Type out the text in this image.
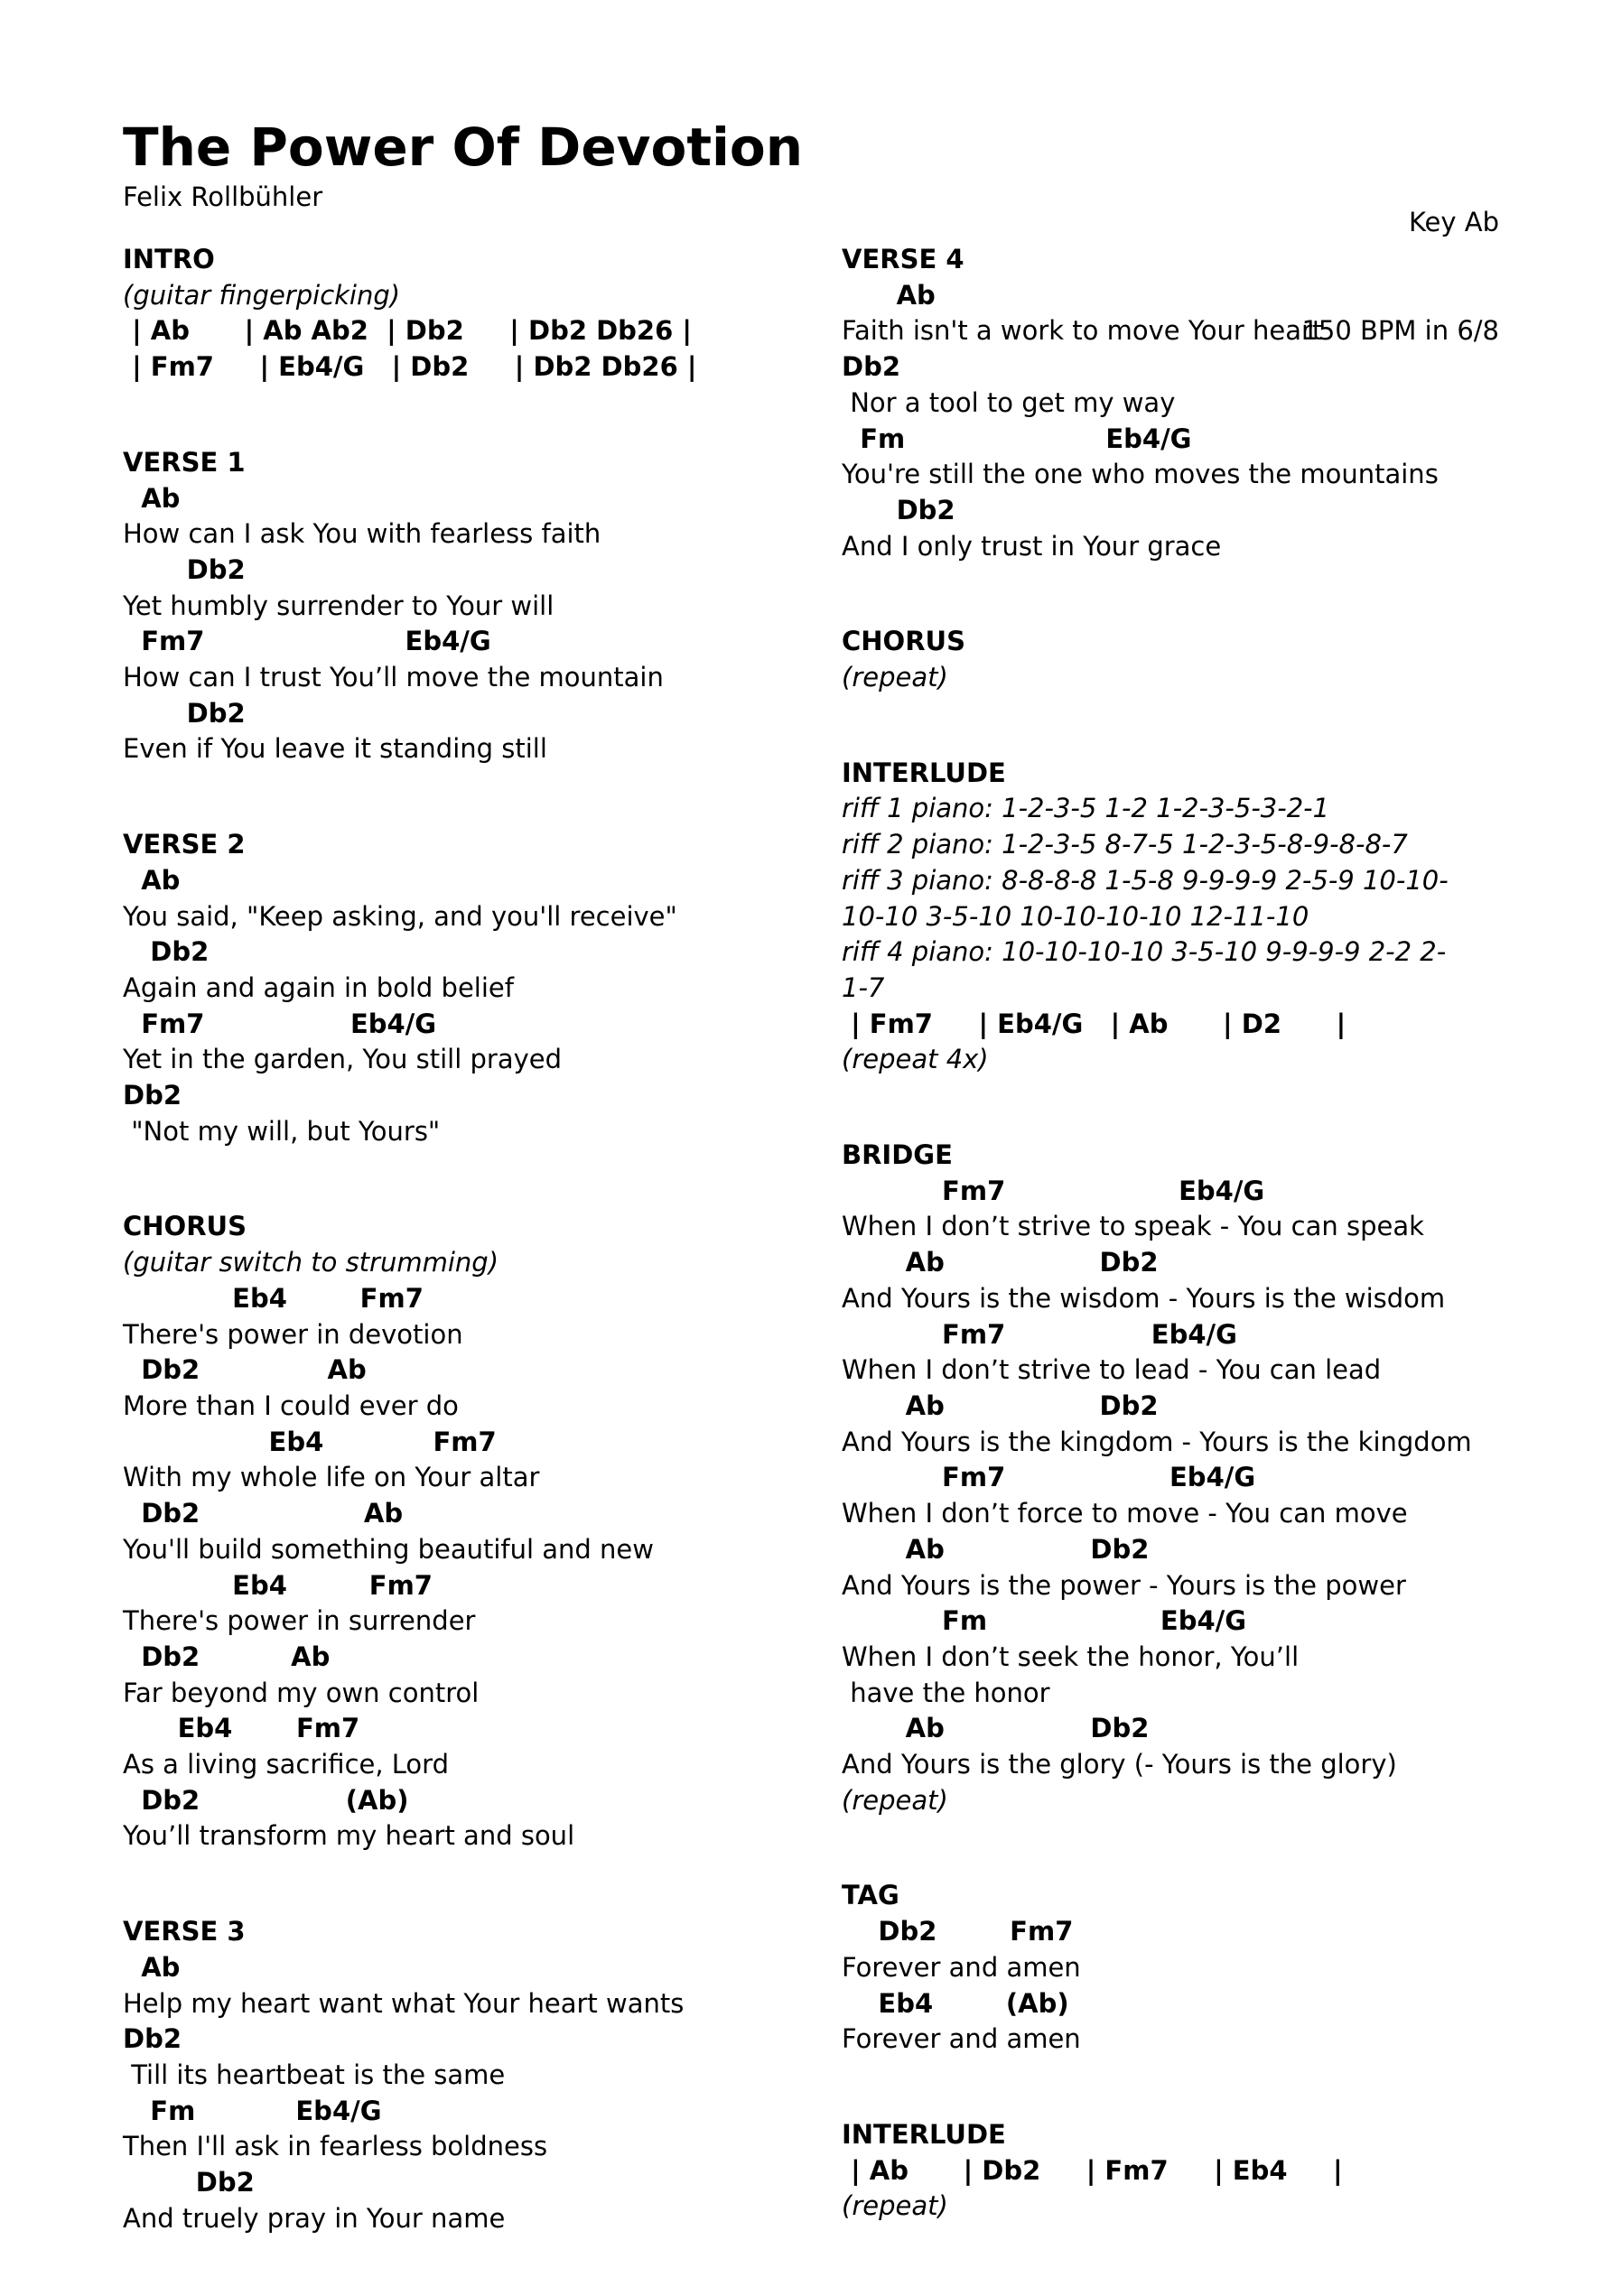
The Power Of Devotion
Felix Rollbühler

Key Ab

150 BPM in 6/8

INTRO
(guitar fingerpicking)
| Ab      | Ab Ab2  | Db2     | Db2 Db26 |
| Fm7     | Eb4/G   | Db2     | Db2 Db26 |
VERSE 1
Ab
How can I ask You with fearless faith
Db2
Yet humbly surrender to Your will
Fm7                      Eb4/G
How can I trust You’ll move the mountain
Db2
Even if You leave it standing still
VERSE 2
Ab
You said, "Keep asking, and you'll receive"
Db2
Again and again in bold belief
Fm7                Eb4/G
Yet in the garden, You still prayed
Db2
"Not my will, but Yours"
CHORUS
(guitar switch to strumming)
Eb4        Fm7
There's power in devotion
Db2              Ab
More than I could ever do
Eb4            Fm7
With my whole life on Your altar
Db2                  Ab
You'll build something beautiful and new
Eb4         Fm7
There's power in surrender
Db2          Ab
Far beyond my own control
Eb4       Fm7
As a living sacrifice, Lord
Db2                (Ab)
You’ll transform my heart and soul
VERSE 3
Ab
Help my heart want what Your heart wants
Db2
Till its heartbeat is the same
Fm           Eb4/G
Then I'll ask in fearless boldness
Db2
And truely pray in Your name
VERSE 4
Ab
Faith isn't a work to move Your heart
Db2
Nor a tool to get my way
Fm                      Eb4/G
You're still the one who moves the mountains
Db2
And I only trust in Your grace
CHORUS
(repeat)
INTERLUDE
riff 1 piano: 1-2-3-5 1-2 1-2-3-5-3-2-1
riff 2 piano: 1-2-3-5 8-7-5 1-2-3-5-8-9-8-8-7
riff 3 piano: 8-8-8-8 1-5-8 9-9-9-9 2-5-9 10-10-
10-10 3-5-10 10-10-10-10 12-11-10
riff 4 piano: 10-10-10-10 3-5-10 9-9-9-9 2-2 2-
1-7
| Fm7     | Eb4/G   | Ab      | D2      |
(repeat 4x)
BRIDGE
Fm7                   Eb4/G
When I don’t strive to speak - You can speak
Ab                 Db2
And Yours is the wisdom - Yours is the wisdom
Fm7                Eb4/G
When I don’t strive to lead - You can lead
Ab                 Db2
And Yours is the kingdom - Yours is the kingdom
Fm7                  Eb4/G
When I don’t force to move - You can move
Ab                Db2
And Yours is the power - Yours is the power
Fm                   Eb4/G
When I don’t seek the honor, You’ll
have the honor
Ab                Db2
And Yours is the glory (- Yours is the glory)
(repeat)
TAG
Db2        Fm7
Forever and amen
Eb4        (Ab)
Forever and amen
INTERLUDE
| Ab      | Db2     | Fm7     | Eb4     |
(repeat)
